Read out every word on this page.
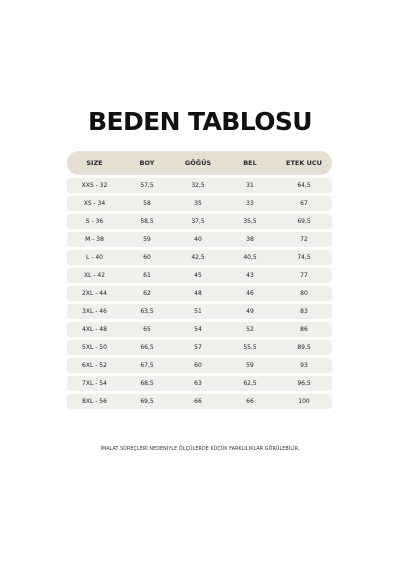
BEDEN TABLOSU
SIZE	BOY	GÖĞÜS	BEL	ETEK UCU
XXS - 32	57,5	32,5	31	64,5
XS - 34	58	35	33	67
S - 36	58,5	37,5	35,5	69,5
M - 38	59	40	38	72
L - 40	60	42,5	40,5	74,5
XL - 42	61	45	43	77
2XL - 44	62	48	46	80
3XL - 46	63,5	51	49	83
4XL - 48	65	54	52	86
5XL - 50	66,5	57	55,5	89,5
6XL - 52	67,5	60	59	93
7XL - 54	68,5	63	62,5	96,5
8XL - 56	69,5	66	66	100
İMALAT SÜREÇLERİ NEDENİYLE ÖLÇÜLERDE KÜÇÜK FARKLILIKLAR GÖRÜLEBİLİR.
